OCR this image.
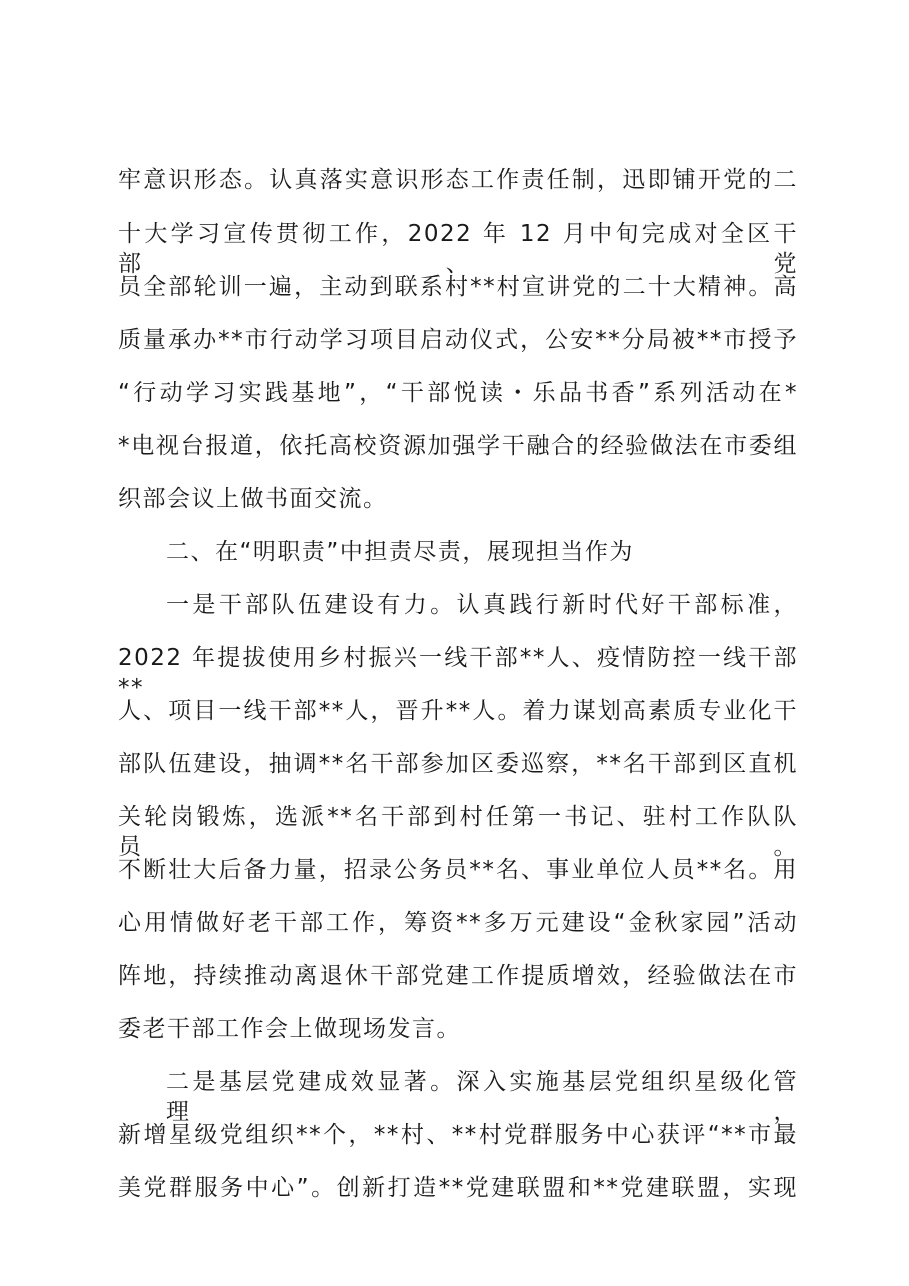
牢意识形态。认真落实意识形态工作责任制，迅即铺开党的二
十大学习宣传贯彻工作，2022 年 12 月中旬完成对全区干部、党
员全部轮训一遍，主动到联系村**村宣讲党的二十大精神。高
质量承办**市行动学习项目启动仪式，公安**分局被**市授予
“行动学习实践基地”，“干部悦读・乐品书香”系列活动在*
*电视台报道，依托高校资源加强学干融合的经验做法在市委组
织部会议上做书面交流。
二、在“明职责”中担责尽责，展现担当作为
一是干部队伍建设有力。认真践行新时代好干部标准，
2022 年提拔使用乡村振兴一线干部**人、疫情防控一线干部**
人、项目一线干部**人，晋升**人。着力谋划高素质专业化干
部队伍建设，抽调**名干部参加区委巡察，**名干部到区直机
关轮岗锻炼，选派**名干部到村任第一书记、驻村工作队队员。
不断壮大后备力量，招录公务员**名、事业单位人员**名。用
心用情做好老干部工作，筹资**多万元建设“金秋家园”活动
阵地，持续推动离退休干部党建工作提质增效，经验做法在市
委老干部工作会上做现场发言。
二是基层党建成效显著。深入实施基层党组织星级化管理，
新增星级党组织**个，**村、**村党群服务中心获评“**市最
美党群服务中心”。创新打造**党建联盟和**党建联盟，实现
